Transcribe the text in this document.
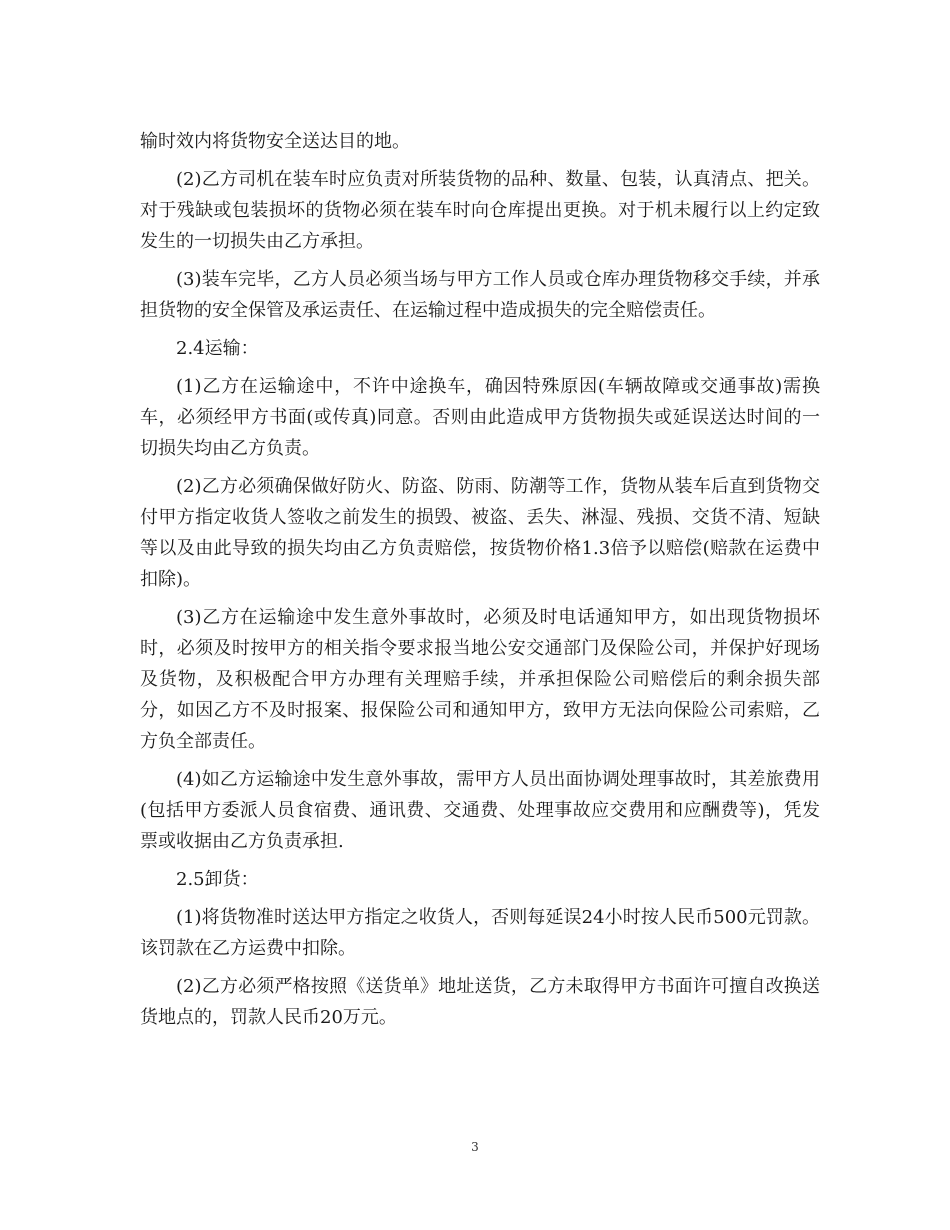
输时效内将货物安全送达目的地。

(2)乙方司机在装车时应负责对所装货物的品种、数量、包装，认真清点、把关。对于残缺或包装损坏的货物必须在装车时向仓库提出更换。对于机未履行以上约定致发生的一切损失由乙方承担。

(3)装车完毕，乙方人员必须当场与甲方工作人员或仓库办理货物移交手续，并承担货物的安全保管及承运责任、在运输过程中造成损失的完全赔偿责任。

2.4运输：

(1)乙方在运输途中，不许中途换车，确因特殊原因(车辆故障或交通事故)需换车，必须经甲方书面(或传真)同意。否则由此造成甲方货物损失或延误送达时间的一切损失均由乙方负责。

(2)乙方必须确保做好防火、防盗、防雨、防潮等工作，货物从装车后直到货物交付甲方指定收货人签收之前发生的损毁、被盗、丢失、淋湿、残损、交货不清、短缺等以及由此导致的损失均由乙方负责赔偿，按货物价格1.3倍予以赔偿(赔款在运费中扣除)。

(3)乙方在运输途中发生意外事故时，必须及时电话通知甲方，如出现货物损坏时，必须及时按甲方的相关指令要求报当地公安交通部门及保险公司，并保护好现场及货物，及积极配合甲方办理有关理赔手续，并承担保险公司赔偿后的剩余损失部分，如因乙方不及时报案、报保险公司和通知甲方，致甲方无法向保险公司索赔，乙方负全部责任。

(4)如乙方运输途中发生意外事故，需甲方人员出面协调处理事故时，其差旅费用(包括甲方委派人员食宿费、通讯费、交通费、处理事故应交费用和应酬费等)，凭发票或收据由乙方负责承担.

2.5卸货：

(1)将货物准时送达甲方指定之收货人，否则每延误24小时按人民币500元罚款。该罚款在乙方运费中扣除。

(2)乙方必须严格按照《送货单》地址送货，乙方未取得甲方书面许可擅自改换送货地点的，罚款人民币20万元。

3
